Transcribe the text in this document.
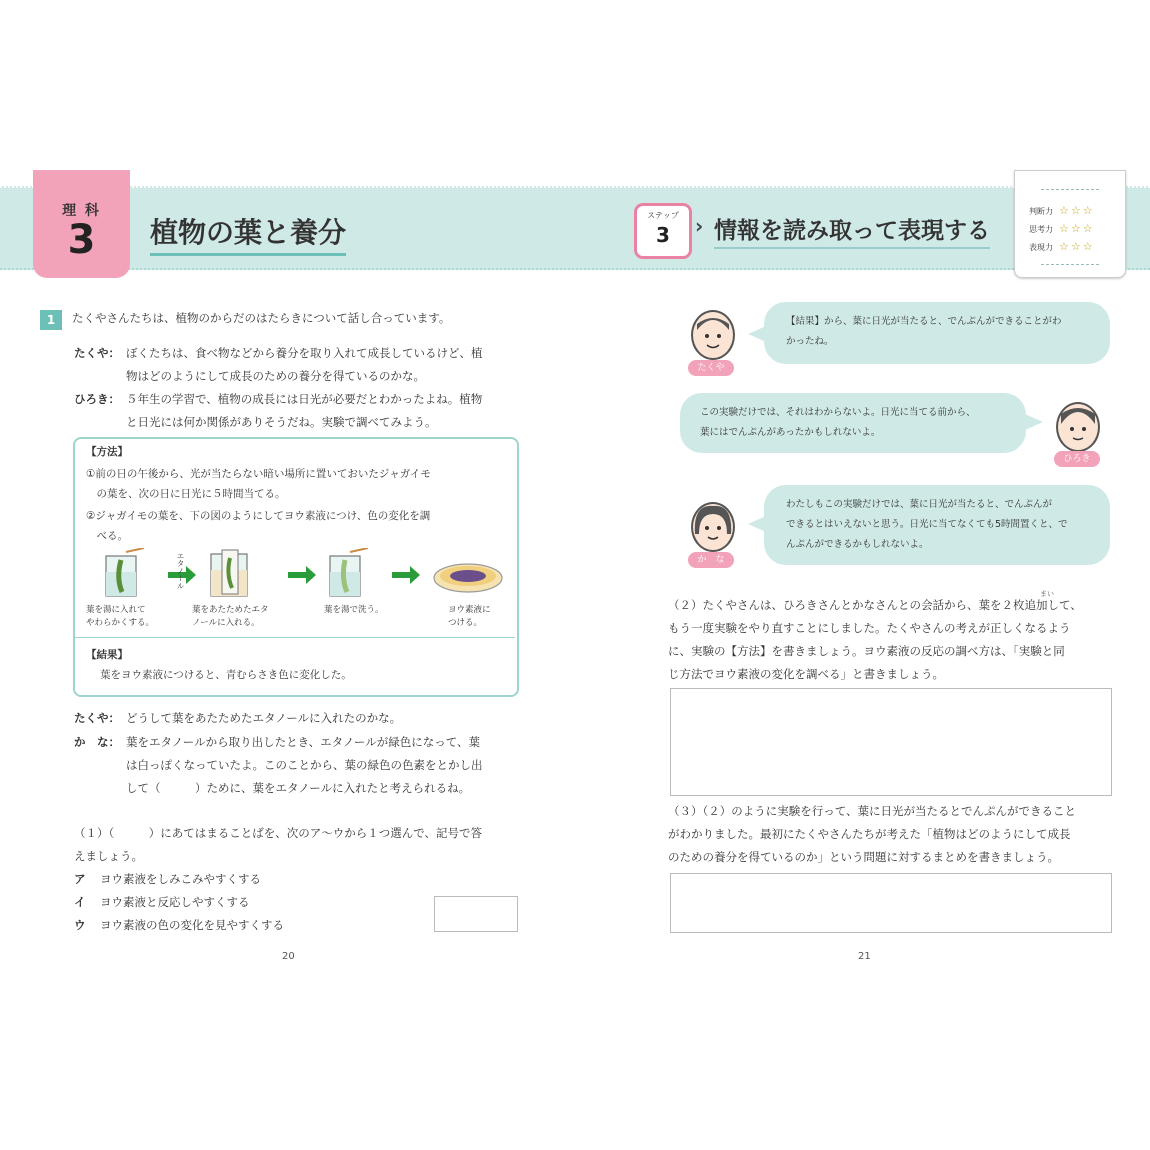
理 科
3	植物の葉と養分
ステップ
3	› 情報を読み取って表現する
判断力 ☆☆☆
思考力 ☆☆☆
表現力 ☆☆☆
1	たくやさんたちは、植物のからだのはたらきについて話し合っています。
たくや： ぼくたちは、食べ物などから養分を取り入れて成長しているけど、植
物はどのようにして成長のための養分を得ているのかな。
ひろき： ５年生の学習で、植物の成長には日光が必要だとわかったよね。植物
と日光には何か関係がありそうだね。実験で調べてみよう。
【方法】
①前の日の午後から、光が当たらない暗い場所に置いておいたジャガイモ
　の葉を、次の日に日光に５時間当てる。
②ジャガイモの葉を、下の図のようにしてヨウ素液につけ、色の変化を調
　べる。
エタノール
葉を湯に入れて
やわらかくする。
葉をあたためたエタ
ノールに入れる。
葉を湯で洗う。	ヨウ素液に
つける。
【結果】
葉をヨウ素液につけると、青むらさき色に変化した。
たくや： どうして葉をあたためたエタノールに入れたのかな。
か　な： 葉をエタノールから取り出したとき、エタノールが緑色になって、葉
は白っぽくなっていたよ。このことから、葉の緑色の色素をとかし出
して（　　　）ために、葉をエタノールに入れたと考えられるね。
（１）（　　　）にあてはまることばを、次のア〜ウから１つ選んで、記号で答
えましょう。
ア ヨウ素液をしみこみやすくする
イ ヨウ素液と反応しやすくする
ウ ヨウ素液の色の変化を見やすくする
20
たくや
【結果】から、葉に日光が当たると、でんぷんができることがわ
かったね。
この実験だけでは、それはわからないよ。日光に当てる前から、
葉にはでんぷんがあったかもしれないよ。
ひろき
か　な
わたしもこの実験だけでは、葉に日光が当たると、でんぷんが
できるとはいえないと思う。日光に当てなくても5時間置くと、で
んぷんができるかもしれないよ。
まい
（２）たくやさんは、ひろきさんとかなさんとの会話から、葉を２枚追加して、
もう一度実験をやり直すことにしました。たくやさんの考えが正しくなるよう
に、実験の【方法】を書きましょう。ヨウ素液の反応の調べ方は、「実験と同
じ方法でヨウ素液の変化を調べる」と書きましょう。
（３）（２）のように実験を行って、葉に日光が当たるとでんぷんができること
がわかりました。最初にたくやさんたちが考えた「植物はどのようにして成長
のための養分を得ているのか」という問題に対するまとめを書きましょう。
21
